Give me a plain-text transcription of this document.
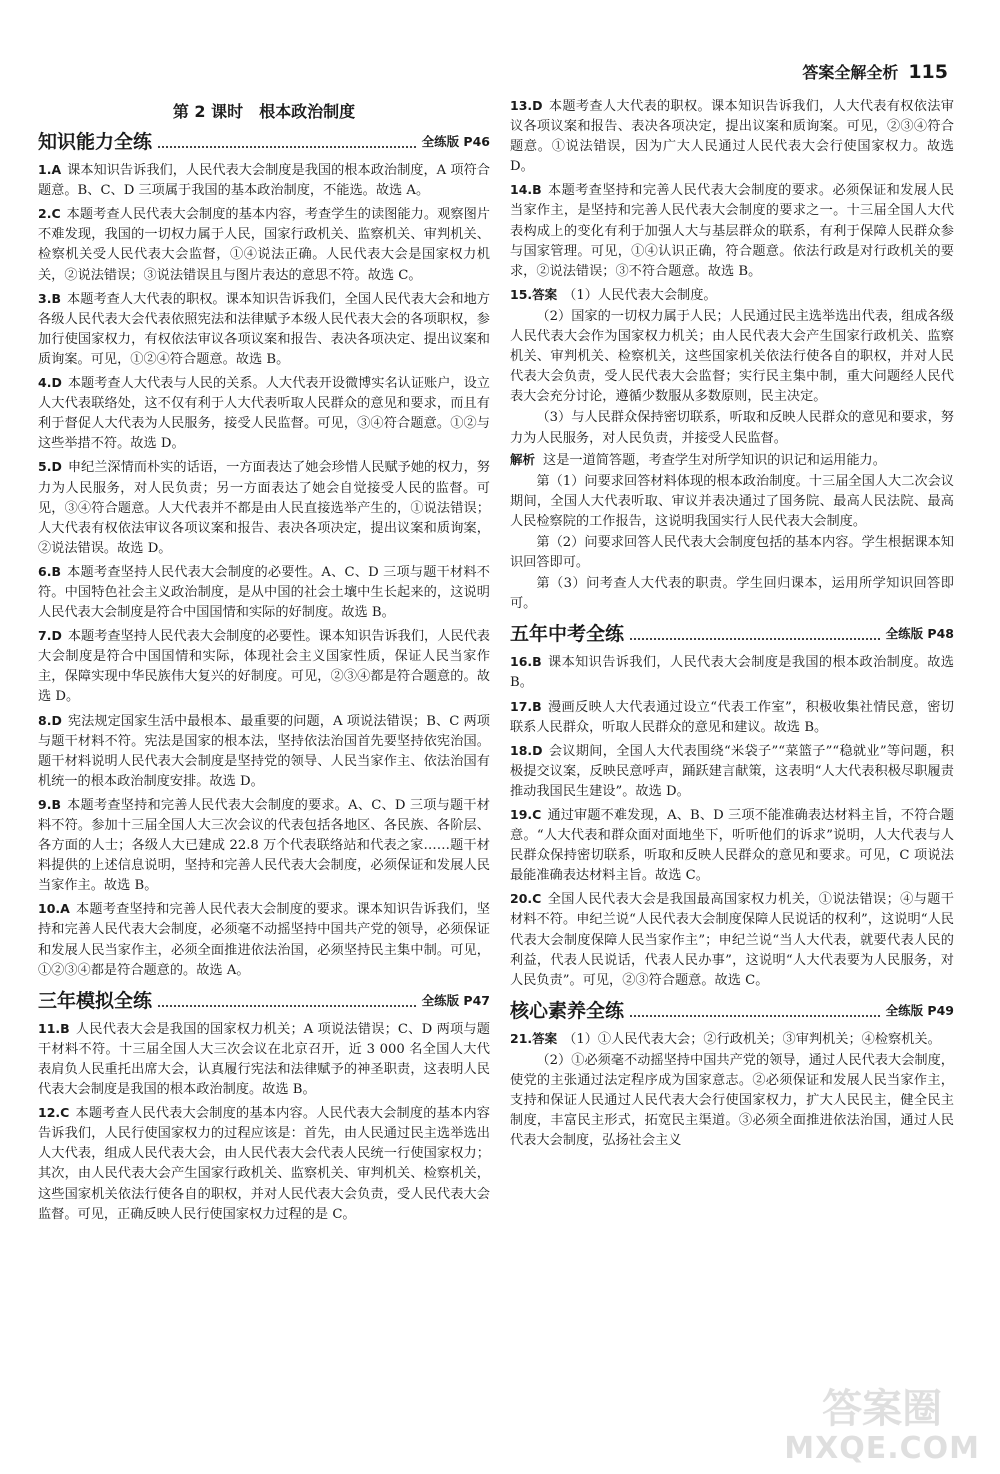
答案全解全析 115
第 2 课时　根本政治制度
知识能力全练	全练版 P46
1.A 课本知识告诉我们，人民代表大会制度是我国的根本政治制度，A 项符合题意。B、C、D 三项属于我国的基本政治制度，不能选。故选 A。
2.C 本题考查人民代表大会制度的基本内容，考查学生的读图能力。观察图片不难发现，我国的一切权力属于人民，国家行政机关、监察机关、审判机关、检察机关受人民代表大会监督，①④说法正确。人民代表大会是国家权力机关，②说法错误；③说法错误且与图片表达的意思不符。故选 C。
3.B 本题考查人大代表的职权。课本知识告诉我们，全国人民代表大会和地方各级人民代表大会代表依照宪法和法律赋予本级人民代表大会的各项职权，参加行使国家权力，有权依法审议各项议案和报告、表决各项决定、提出议案和质询案。可见，①②④符合题意。故选 B。
4.D 本题考查人大代表与人民的关系。人大代表开设微博实名认证账户，设立人大代表联络处，这不仅有利于人大代表听取人民群众的意见和要求，而且有利于督促人大代表为人民服务，接受人民监督。可见，③④符合题意。①②与这些举措不符。故选 D。
5.D 申纪兰深情而朴实的话语，一方面表达了她会珍惜人民赋予她的权力，努力为人民服务，对人民负责；另一方面表达了她会自觉接受人民的监督。可见，③④符合题意。人大代表并不都是由人民直接选举产生的，①说法错误；人大代表有权依法审议各项议案和报告、表决各项决定，提出议案和质询案，②说法错误。故选 D。
6.B 本题考查坚持人民代表大会制度的必要性。A、C、D 三项与题干材料不符。中国特色社会主义政治制度，是从中国的社会土壤中生长起来的，这说明人民代表大会制度是符合中国国情和实际的好制度。故选 B。
7.D 本题考查坚持人民代表大会制度的必要性。课本知识告诉我们，人民代表大会制度是符合中国国情和实际，体现社会主义国家性质，保证人民当家作主，保障实现中华民族伟大复兴的好制度。可见，②③④都是符合题意的。故选 D。
8.D 宪法规定国家生活中最根本、最重要的问题，A 项说法错误；B、C 两项与题干材料不符。宪法是国家的根本法，坚持依法治国首先要坚持依宪治国。题干材料说明人民代表大会制度是坚持党的领导、人民当家作主、依法治国有机统一的根本政治制度安排。故选 D。
9.B 本题考查坚持和完善人民代表大会制度的要求。A、C、D 三项与题干材料不符。参加十三届全国人大三次会议的代表包括各地区、各民族、各阶层、各方面的人士；各级人大已建成 22.8 万个代表联络站和代表之家……题干材料提供的上述信息说明，坚持和完善人民代表大会制度，必须保证和发展人民当家作主。故选 B。
10.A 本题考查坚持和完善人民代表大会制度的要求。课本知识告诉我们，坚持和完善人民代表大会制度，必须毫不动摇坚持中国共产党的领导，必须保证和发展人民当家作主，必须全面推进依法治国，必须坚持民主集中制。可见，①②③④都是符合题意的。故选 A。
三年模拟全练	全练版 P47
11.B 人民代表大会是我国的国家权力机关；A 项说法错误；C、D 两项与题干材料不符。十三届全国人大三次会议在北京召开，近 3 000 名全国人大代表肩负人民重托出席大会，认真履行宪法和法律赋予的神圣职责，这表明人民代表大会制度是我国的根本政治制度。故选 B。
12.C 本题考查人民代表大会制度的基本内容。人民代表大会制度的基本内容告诉我们，人民行使国家权力的过程应该是：首先，由人民通过民主选举选出人大代表，组成人民代表大会，由人民代表大会代表人民统一行使国家权力；其次，由人民代表大会产生国家行政机关、监察机关、审判机关、检察机关，这些国家机关依法行使各自的职权，并对人民代表大会负责，受人民代表大会监督。可见，正确反映人民行使国家权力过程的是 C。
13.D 本题考查人大代表的职权。课本知识告诉我们，人大代表有权依法审议各项议案和报告、表决各项决定，提出议案和质询案。可见，②③④符合题意。①说法错误，因为广大人民通过人民代表大会行使国家权力。故选 D。
14.B 本题考查坚持和完善人民代表大会制度的要求。必须保证和发展人民当家作主，是坚持和完善人民代表大会制度的要求之一。十三届全国人大代表构成上的变化有利于加强人大与基层群众的联系，有利于保障人民群众参与国家管理。可见，①④认识正确，符合题意。依法行政是对行政机关的要求，②说法错误；③不符合题意。故选 B。
15.答案 （1）人民代表大会制度。
（2）国家的一切权力属于人民；人民通过民主选举选出代表，组成各级人民代表大会作为国家权力机关；由人民代表大会产生国家行政机关、监察机关、审判机关、检察机关，这些国家机关依法行使各自的职权，并对人民代表大会负责，受人民代表大会监督；实行民主集中制，重大问题经人民代表大会充分讨论，遵循少数服从多数原则，民主决定。
（3）与人民群众保持密切联系，听取和反映人民群众的意见和要求，努力为人民服务，对人民负责，并接受人民监督。
解析 这是一道简答题，考查学生对所学知识的识记和运用能力。
第（1）问要求回答材料体现的根本政治制度。十三届全国人大二次会议期间，全国人大代表听取、审议并表决通过了国务院、最高人民法院、最高人民检察院的工作报告，这说明我国实行人民代表大会制度。
第（2）问要求回答人民代表大会制度包括的基本内容。学生根据课本知识回答即可。
第（3）问考查人大代表的职责。学生回归课本，运用所学知识回答即可。
五年中考全练	全练版 P48
16.B 课本知识告诉我们，人民代表大会制度是我国的根本政治制度。故选 B。
17.B 漫画反映人大代表通过设立“代表工作室”，积极收集社情民意，密切联系人民群众，听取人民群众的意见和建议。故选 B。
18.D 会议期间，全国人大代表围绕“米袋子”“菜篮子”“稳就业”等问题，积极提交议案，反映民意呼声，踊跃建言献策，这表明“人大代表积极尽职履责推动我国民生建设”。故选 D。
19.C 通过审题不难发现，A、B、D 三项不能准确表达材料主旨，不符合题意。“人大代表和群众面对面地坐下，听听他们的诉求”说明，人大代表与人民群众保持密切联系，听取和反映人民群众的意见和要求。可见，C 项说法最能准确表达材料主旨。故选 C。
20.C 全国人民代表大会是我国最高国家权力机关，①说法错误；④与题干材料不符。申纪兰说“人民代表大会制度保障人民说话的权利”，这说明“人民代表大会制度保障人民当家作主”；申纪兰说“当人大代表，就要代表人民的利益，代表人民说话，代表人民办事”，这说明“人大代表要为人民服务，对人民负责”。可见，②③符合题意。故选 C。
核心素养全练	全练版 P49
21.答案 （1）①人民代表大会；②行政机关；③审判机关；④检察机关。
（2）①必须毫不动摇坚持中国共产党的领导，通过人民代表大会制度，使党的主张通过法定程序成为国家意志。②必须保证和发展人民当家作主，支持和保证人民通过人民代表大会行使国家权力，扩大人民民主，健全民主制度，丰富民主形式，拓宽民主渠道。③必须全面推进依法治国，通过人民代表大会制度，弘扬社会主义
答案圈
MXQE.COM
